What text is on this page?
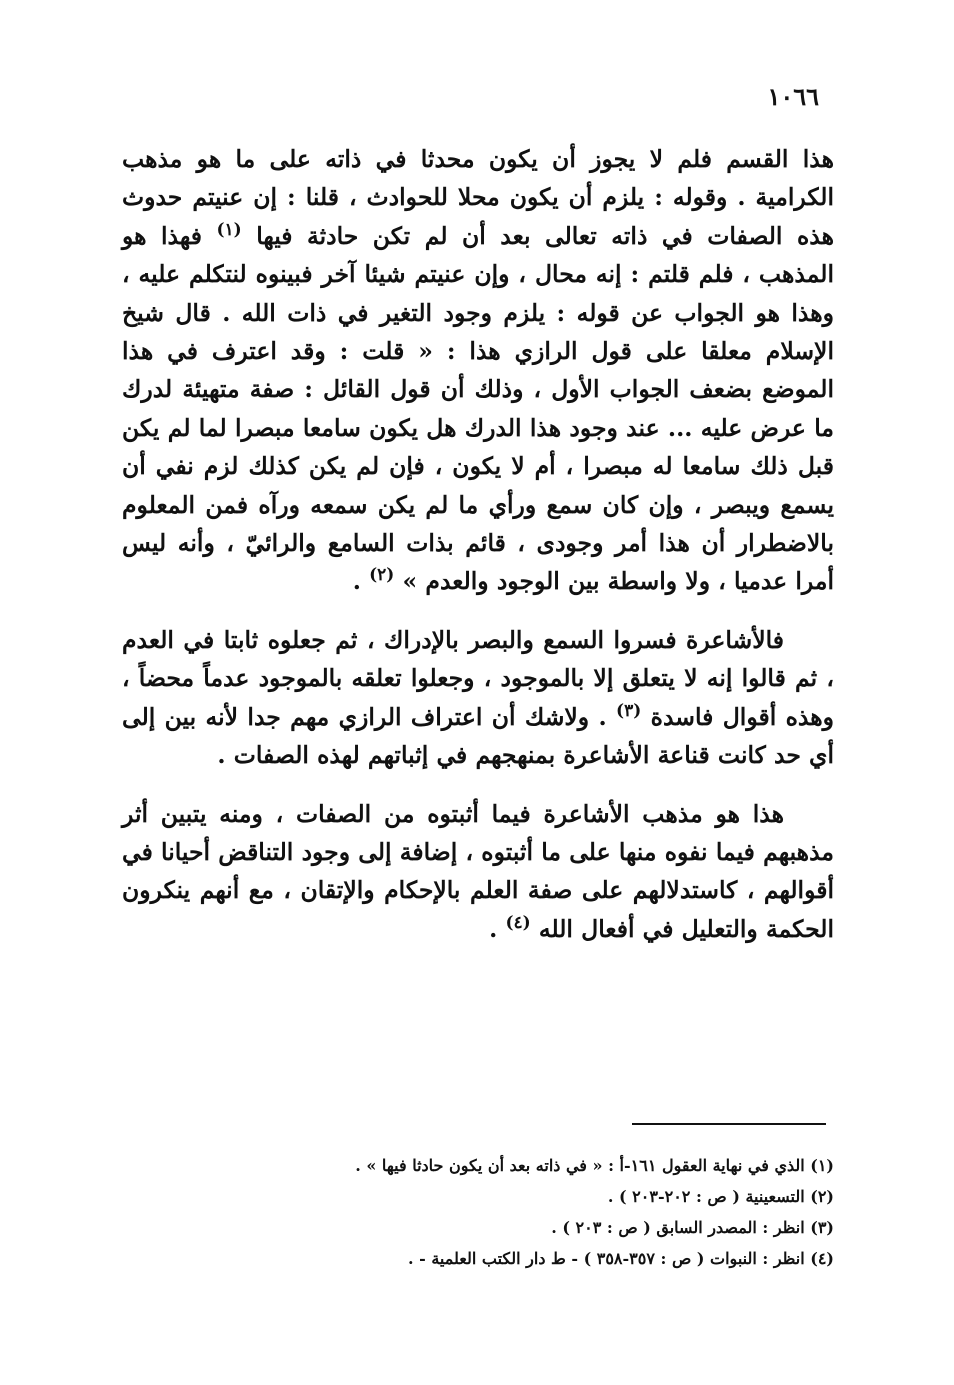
١٠٦٦

هذا القسم فلم لا يجوز أن يكون محدثا في ذاته على ما هو مذهب الكرامية . وقوله : يلزم أن يكون محلا للحوادث ، قلنا : إن عنيتم حدوث هذه الصفات في ذاته تعالى بعد أن لم تكن حادثة فيها $^{(١)}$ فهذا هو المذهب ، فلم قلتم : إنه محال ، وإن عنيتم شيئا آخر فبينوه لنتكلم عليه ، وهذا هو الجواب عن قوله : يلزم وجود التغير في ذات الله . قال شيخ الإسلام معلقا على قول الرازي هذا : « قلت : وقد اعترف في هذا الموضع بضعف الجواب الأول ، وذلك أن قول القائل : صفة متهيئة لدرك ما عرض عليه ... عند وجود هذا الدرك هل يكون سامعا مبصرا لما لم يكن قبل ذلك سامعا له مبصرا ، أم لا يكون ، فإن لم يكن كذلك لزم نفي أن يسمع ويبصر ، وإن كان سمع ورأي ما لم يكن سمعه ورآه فمن المعلوم بالاضطرار أن هذا أمر وجودى ، قائم بذات السامع والرائيّ ، وأنه ليس أمرا عدميا ، ولا واسطة بين الوجود والعدم » $^{(٢)}$ .

فالأشاعرة فسروا السمع والبصر بالإدراك ، ثم جعلوه ثابتا في العدم ، ثم قالوا إنه لا يتعلق إلا بالموجود ، وجعلوا تعلقه بالموجود عدماً محضاً ، وهذه أقوال فاسدة $^{(٣)}$ . ولاشك أن اعتراف الرازي مهم جدا لأنه بين إلى أي حد كانت قناعة الأشاعرة بمنهجهم في إثباتهم لهذه الصفات .

هذا هو مذهب الأشاعرة فيما أثبتوه من الصفات ، ومنه يتبين أثر مذهبهم فيما نفوه منها على ما أثبتوه ، إضافة إلى وجود التناقض أحيانا في أقوالهم ، كاستدلالهم على صفة العلم بالإحكام والإتقان ، مع أنهم ينكرون الحكمة والتعليل في أفعال الله $^{(٤)}$ .

(١) الذي في نهاية العقول ١٦١-أ : « في ذاته بعد أن يكون حادثا فيها » .
(٢) التسعينية ( ص : ٢٠٢-٢٠٣ ) .
(٣) انظر : المصدر السابق ( ص : ٢٠٣ ) .
(٤) انظر : النبوات ( ص : ٣٥٧-٣٥٨ ) - ط دار الكتب العلمية - .
